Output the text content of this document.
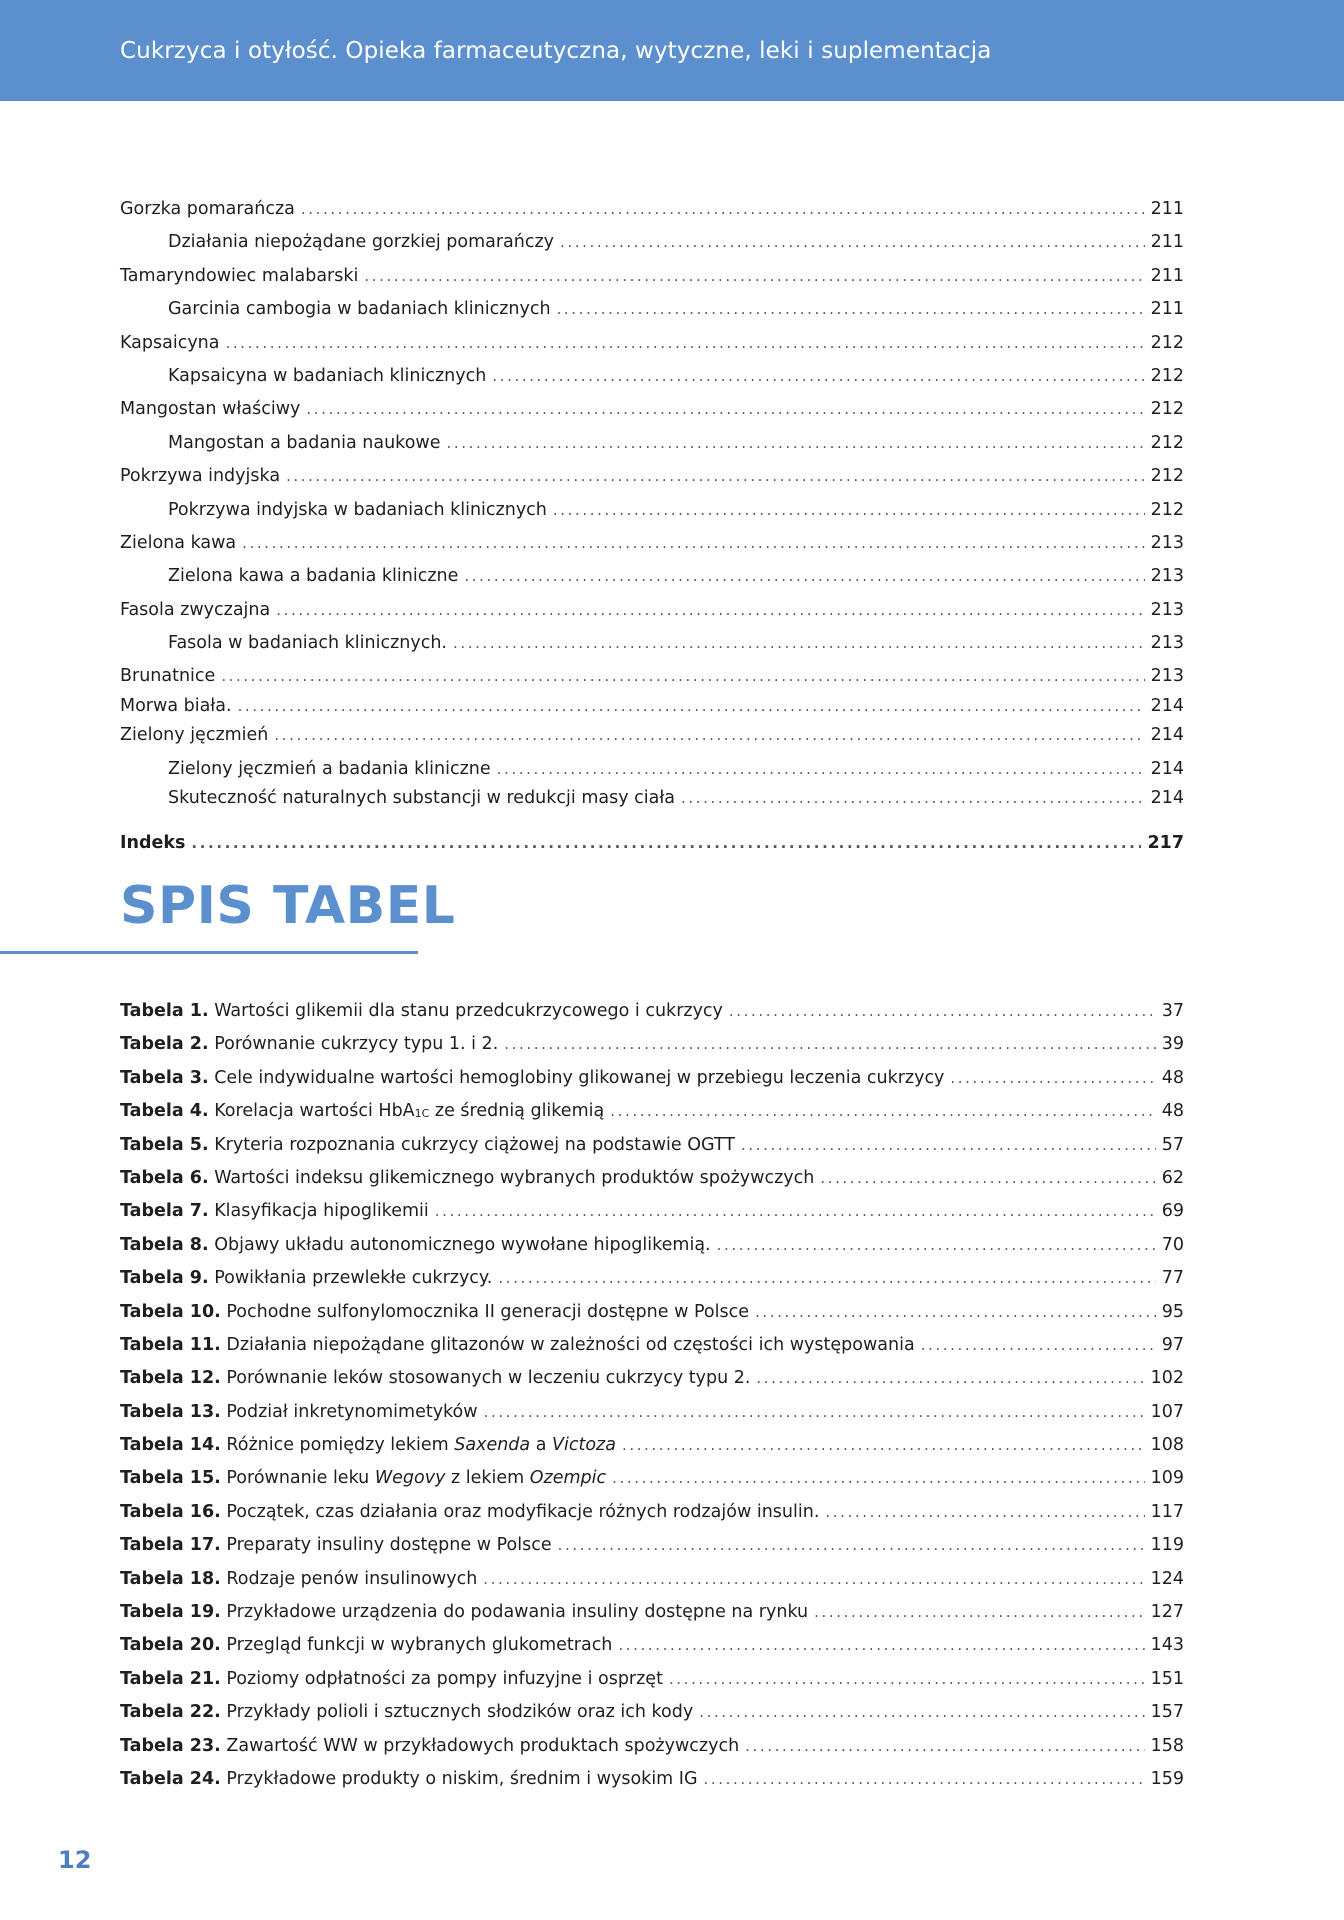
Cukrzyca i otyłość. Opieka farmaceutyczna, wytyczne, leki i suplementacja
Gorzka pomarańcza .....	211
Działania niepożądane gorzkiej pomarańczy .....	211
Tamaryndowiec malabarski .....	211
Garcinia cambogia w badaniach klinicznych .....	211
Kapsaicyna .....	212
Kapsaicyna w badaniach klinicznych .....	212
Mangostan właściwy .....	212
Mangostan a badania naukowe .....	212
Pokrzywa indyjska .....	212
Pokrzywa indyjska w badaniach klinicznych .....	212
Zielona kawa .....	213
Zielona kawa a badania kliniczne .....	213
Fasola zwyczajna .....	213
Fasola w badaniach klinicznych. .....	213
Brunatnice .....	213
Morwa biała. .....	214
Zielony jęczmień .....	214
Zielony jęczmień a badania kliniczne .....	214
Skuteczność naturalnych substancji w redukcji masy ciała .....	214
Indeks .....	217
SPIS TABEL
Tabela 1. Wartości glikemii dla stanu przedcukrzycowego i cukrzycy .....	37
Tabela 2. Porównanie cukrzycy typu 1. i 2. .....	39
Tabela 3. Cele indywidualne wartości hemoglobiny glikowanej w przebiegu leczenia cukrzycy .....	48
Tabela 4. Korelacja wartości HbA1C ze średnią glikemią .....	48
Tabela 5. Kryteria rozpoznania cukrzycy ciążowej na podstawie OGTT .....	57
Tabela 6. Wartości indeksu glikemicznego wybranych produktów spożywczych .....	62
Tabela 7. Klasyfikacja hipoglikemii .....	69
Tabela 8. Objawy układu autonomicznego wywołane hipoglikemią. .....	70
Tabela 9. Powikłania przewlekłe cukrzycy. .....	77
Tabela 10. Pochodne sulfonylomocznika II generacji dostępne w Polsce .....	95
Tabela 11. Działania niepożądane glitazonów w zależności od częstości ich występowania .....	97
Tabela 12. Porównanie leków stosowanych w leczeniu cukrzycy typu 2. .....	102
Tabela 13. Podział inkretynomimetyków .....	107
Tabela 14. Różnice pomiędzy lekiem Saxenda a Victoza .....	108
Tabela 15. Porównanie leku Wegovy z lekiem Ozempic .....	109
Tabela 16. Początek, czas działania oraz modyfikacje różnych rodzajów insulin. .....	117
Tabela 17. Preparaty insuliny dostępne w Polsce .....	119
Tabela 18. Rodzaje penów insulinowych .....	124
Tabela 19. Przykładowe urządzenia do podawania insuliny dostępne na rynku .....	127
Tabela 20. Przegląd funkcji w wybranych glukometrach .....	143
Tabela 21. Poziomy odpłatności za pompy infuzyjne i osprzęt .....	151
Tabela 22. Przykłady polioli i sztucznych słodzików oraz ich kody .....	157
Tabela 23. Zawartość WW w przykładowych produktach spożywczych .....	158
Tabela 24. Przykładowe produkty o niskim, średnim i wysokim IG .....	159
12
